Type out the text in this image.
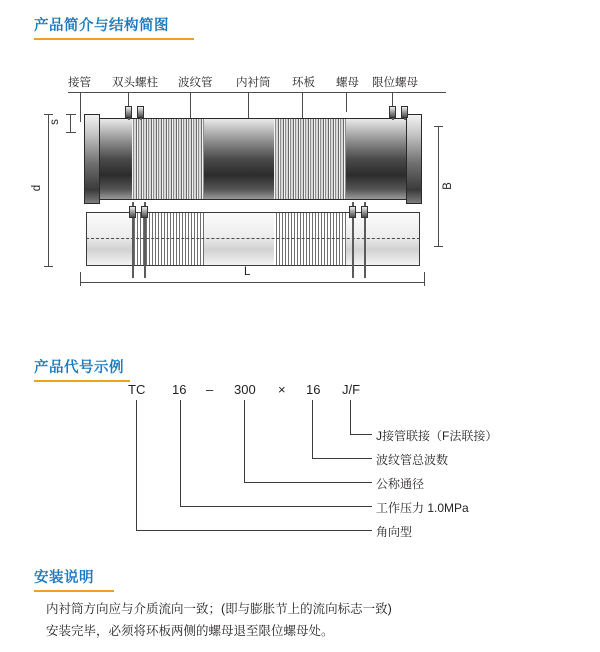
产品简介与结构简图
接管 双头螺柱 波纹管 内衬筒 环板 螺母 限位螺母
s
d	B
L
产品代号示例
TC 16 – 300 × 16 J/F
J接管联接（F法联接）
波纹管总波数
公称通径
工作压力 1.0MPa
角向型
安装说明
内衬筒方向应与介质流向一致；(即与膨胀节上的流向标志一致)
安装完毕，必须将环板两侧的螺母退至限位螺母处。
